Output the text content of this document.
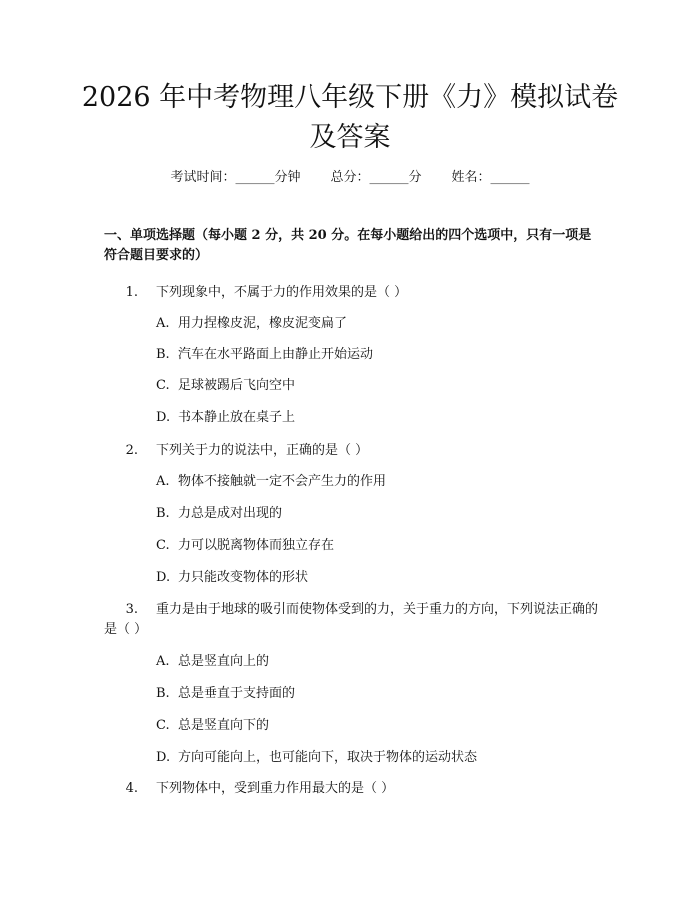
2026 年中考物理八年级下册《力》模拟试卷及答案
考试时间：______分钟 总分：______分 姓名：______

一、单项选择题（每小题 2 分，共 20 分。在每小题给出的四个选项中，只有一项是符合题目要求的）

1. 下列现象中，不属于力的作用效果的是（ ）
A. 用力捏橡皮泥，橡皮泥变扁了
B. 汽车在水平路面上由静止开始运动
C. 足球被踢后飞向空中
D. 书本静止放在桌子上
2. 下列关于力的说法中，正确的是（ ）
A. 物体不接触就一定不会产生力的作用
B. 力总是成对出现的
C. 力可以脱离物体而独立存在
D. 力只能改变物体的形状
3. 重力是由于地球的吸引而使物体受到的力，关于重力的方向，下列说法正确的是（ ）
A. 总是竖直向上的
B. 总是垂直于支持面的
C. 总是竖直向下的
D. 方向可能向上，也可能向下，取决于物体的运动状态
4. 下列物体中，受到重力作用最大的是（ ）
